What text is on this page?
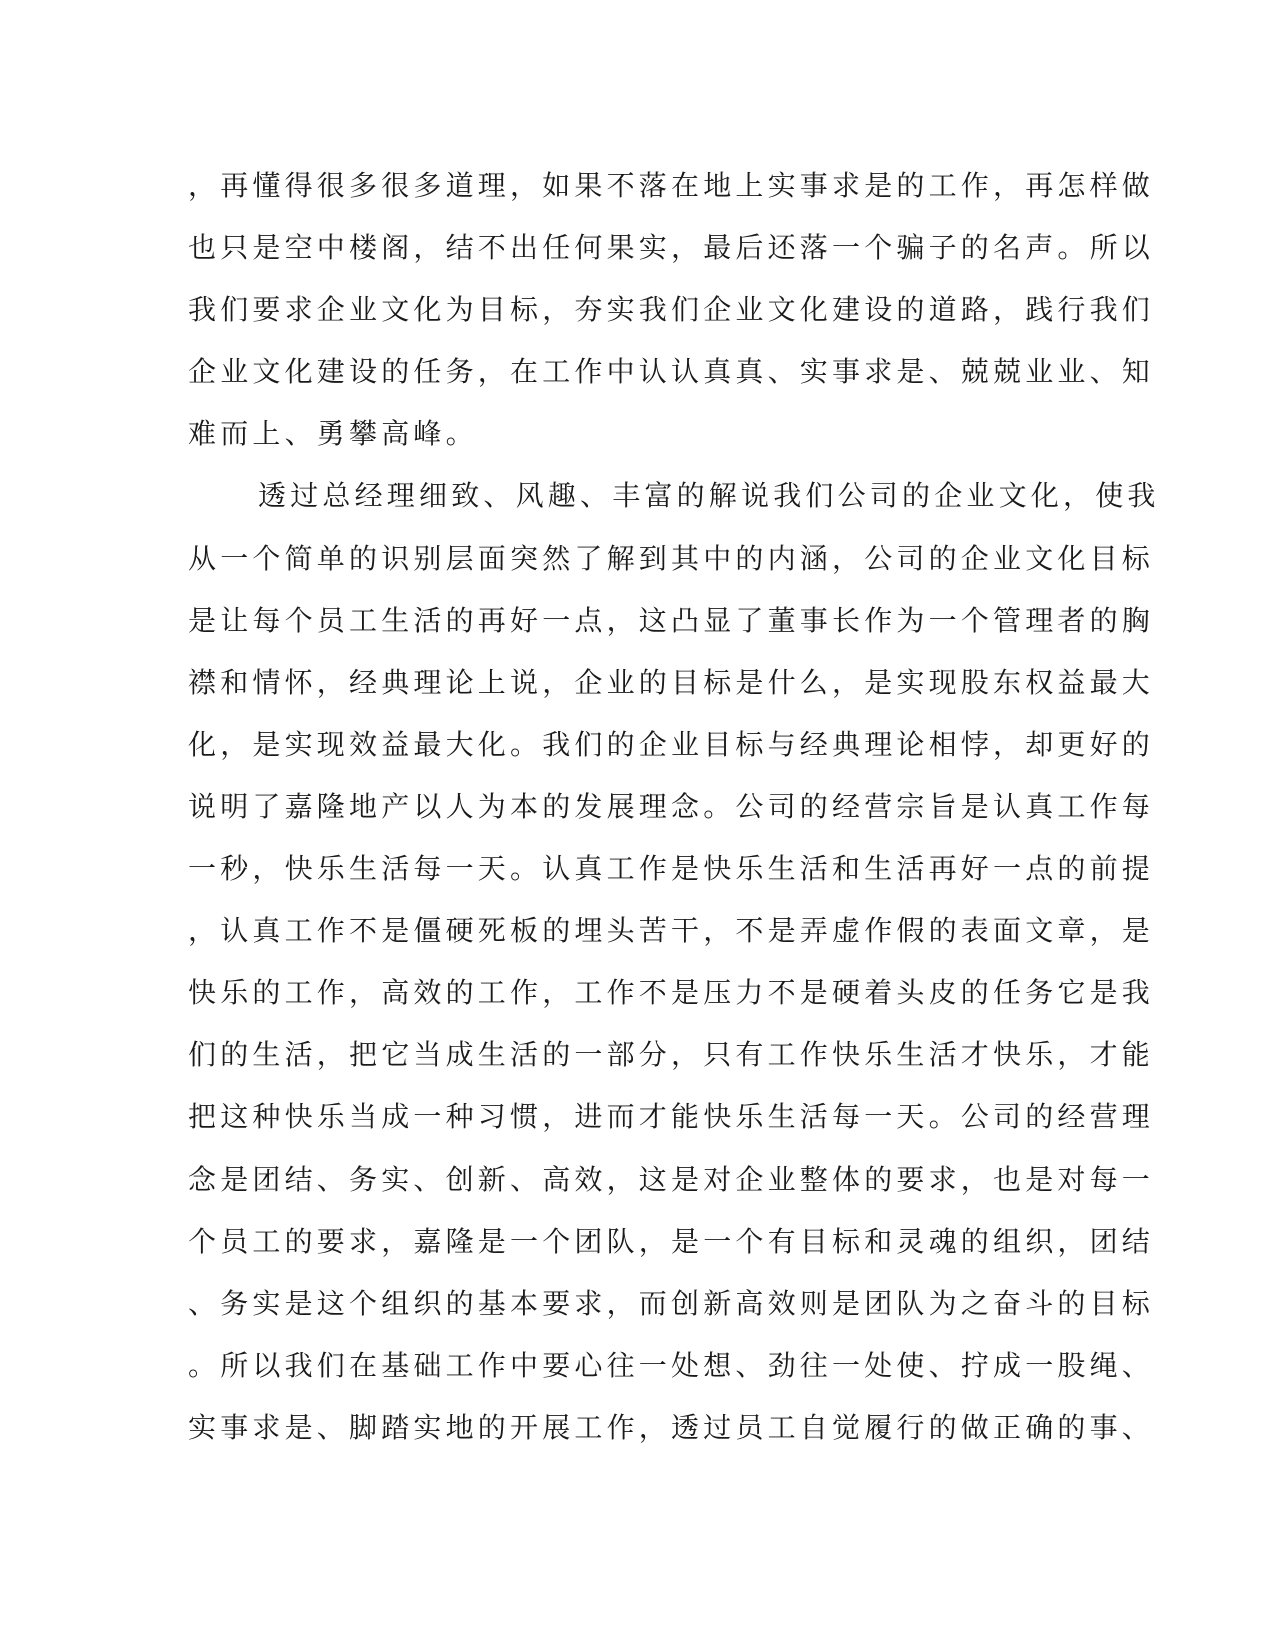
，再懂得很多很多道理，如果不落在地上实事求是的工作，再怎样做
也只是空中楼阁，结不出任何果实，最后还落一个骗子的名声。所以
我们要求企业文化为目标，夯实我们企业文化建设的道路，践行我们
企业文化建设的任务，在工作中认认真真、实事求是、兢兢业业、知
难而上、勇攀高峰。
透过总经理细致、风趣、丰富的解说我们公司的企业文化，使我
从一个简单的识别层面突然了解到其中的内涵，公司的企业文化目标
是让每个员工生活的再好一点，这凸显了董事长作为一个管理者的胸
襟和情怀，经典理论上说，企业的目标是什么，是实现股东权益最大
化，是实现效益最大化。我们的企业目标与经典理论相悖，却更好的
说明了嘉隆地产以人为本的发展理念。公司的经营宗旨是认真工作每
一秒，快乐生活每一天。认真工作是快乐生活和生活再好一点的前提
，认真工作不是僵硬死板的埋头苦干，不是弄虚作假的表面文章，是
快乐的工作，高效的工作，工作不是压力不是硬着头皮的任务它是我
们的生活，把它当成生活的一部分，只有工作快乐生活才快乐，才能
把这种快乐当成一种习惯，进而才能快乐生活每一天。公司的经营理
念是团结、务实、创新、高效，这是对企业整体的要求，也是对每一
个员工的要求，嘉隆是一个团队，是一个有目标和灵魂的组织，团结
、务实是这个组织的基本要求，而创新高效则是团队为之奋斗的目标
。所以我们在基础工作中要心往一处想、劲往一处使、拧成一股绳、
实事求是、脚踏实地的开展工作，透过员工自觉履行的做正确的事、
